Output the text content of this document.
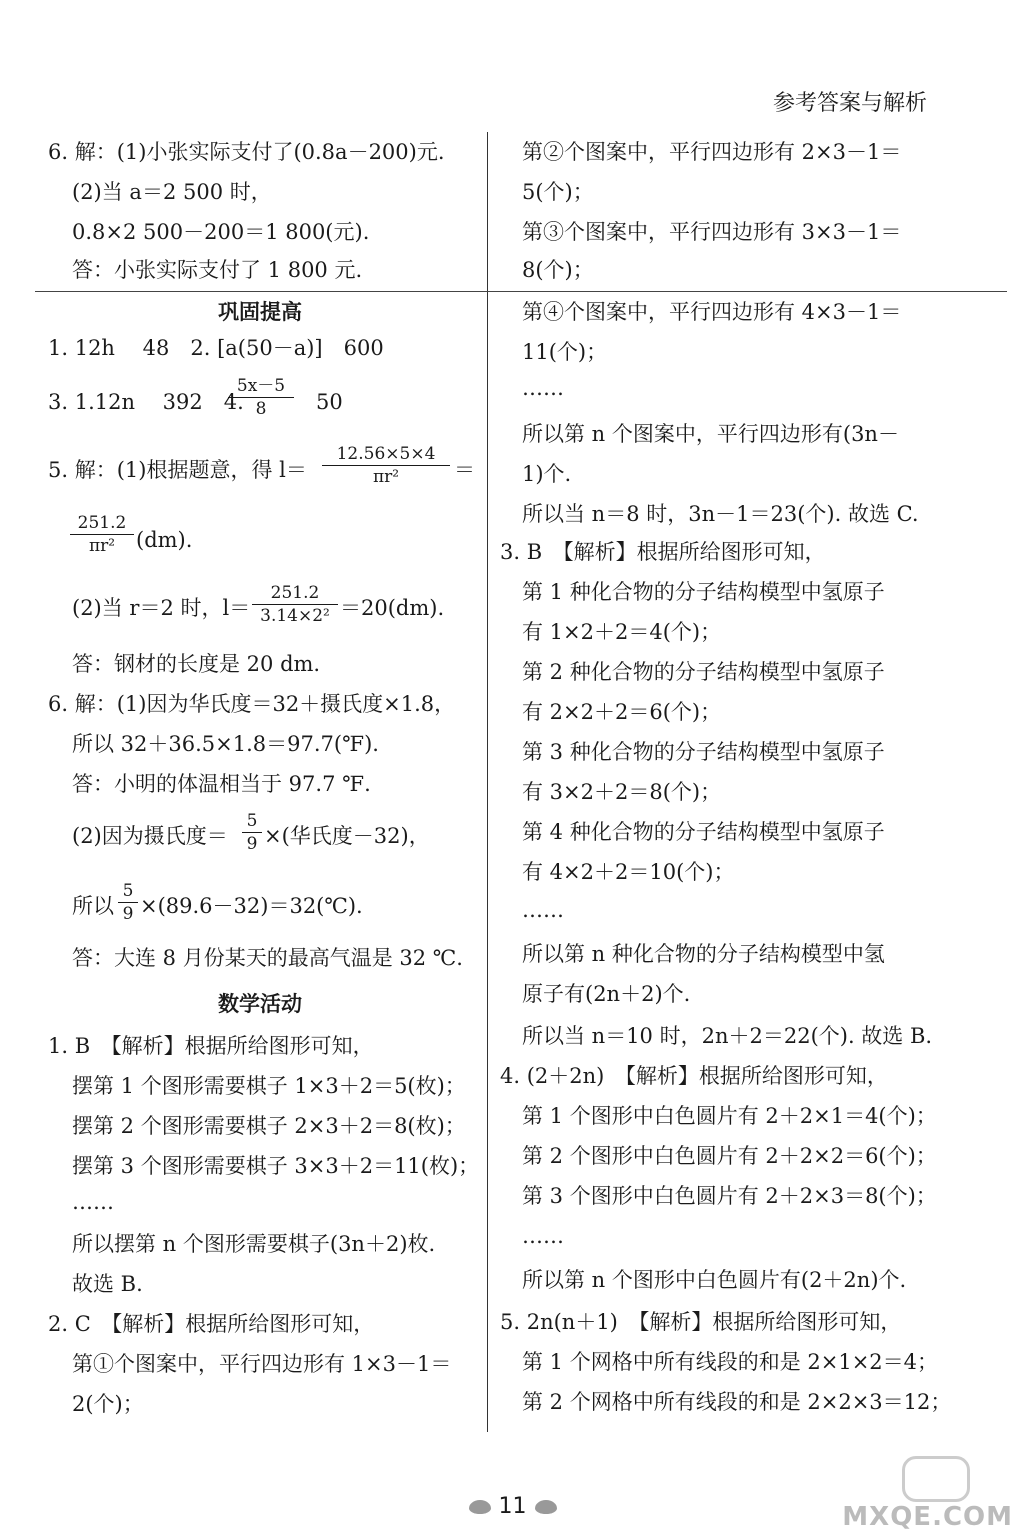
参考答案与解析
6. 解：(1)小张实际支付了(0.8a－200)元.
(2)当 a＝2 500 时，
0.8×2 500－200＝1 800(元).
答：小张实际支付了 1 800 元.
巩固提高
1. 12h　 48　2. [a(50－a)]　600
3. 1.12n　 392　4.
$\frac{5x-5}{8} 50$
5. 解：(1)根据题意，得 $l= \frac{12.56\times 5\times 4}{\text{πr²}}$ ＝
$\frac{251.2}{\text{πr²}} (dm)$.
(2)当 r＝2 时，$l= \frac{251.2}{\text{3.14×2²}} =20(dm)$.
答：钢材的长度是 20 dm.
6. 解：(1)因为华氏度＝32＋摄氏度×1.8，
所以 32＋36.5×1.8＝97.7(℉).
答：小明的体温相当于 97.7 ℉.
(2)因为摄氏度＝ $\frac{5}{9}$ ×(华氏度－32)，
所以 $\frac{5}{9}$ ×(89.6－32)＝32(℃).
答：大连 8 月份某天的最高气温是 32 ℃.
数学活动
1. B　【解析】根据所给图形可知，
摆第 1 个图形需要棋子 1×3＋2＝5(枚)；
摆第 2 个图形需要棋子 2×3＋2＝8(枚)；
摆第 3 个图形需要棋子 3×3＋2＝11(枚)；
……
所以摆第 n 个图形需要棋子(3n＋2)枚.
故选 B.
2. C　【解析】根据所给图形可知，
第①个图案中，平行四边形有 1×3－1＝
2(个)；
第②个图案中，平行四边形有 2×3－1＝
5(个)；
第③个图案中，平行四边形有 3×3－1＝
8(个)；
第④个图案中，平行四边形有 4×3－1＝
11(个)；
……
所以第 n 个图案中，平行四边形有(3n－
1)个.
所以当 n＝8 时，3n－1＝23(个). 故选 C.
3. B　【解析】根据所给图形可知，
第 1 种化合物的分子结构模型中氢原子
有 1×2＋2＝4(个)；
第 2 种化合物的分子结构模型中氢原子
有 2×2＋2＝6(个)；
第 3 种化合物的分子结构模型中氢原子
有 3×2＋2＝8(个)；
第 4 种化合物的分子结构模型中氢原子
有 4×2＋2＝10(个)；
……
所以第 n 种化合物的分子结构模型中氢
原子有(2n＋2)个.
所以当 n＝10 时，2n＋2＝22(个). 故选 B.
4. (2＋2n)　【解析】根据所给图形可知，
第 1 个图形中白色圆片有 2＋2×1＝4(个)；
第 2 个图形中白色圆片有 2＋2×2＝6(个)；
第 3 个图形中白色圆片有 2＋2×3＝8(个)；
……
所以第 n 个图形中白色圆片有(2＋2n)个.
5. 2n(n＋1)　【解析】根据所给图形可知，
第 1 个网格中所有线段的和是 2×1×2＝4；
第 2 个网格中所有线段的和是 2×2×3＝12；
11	MXQE.COM
